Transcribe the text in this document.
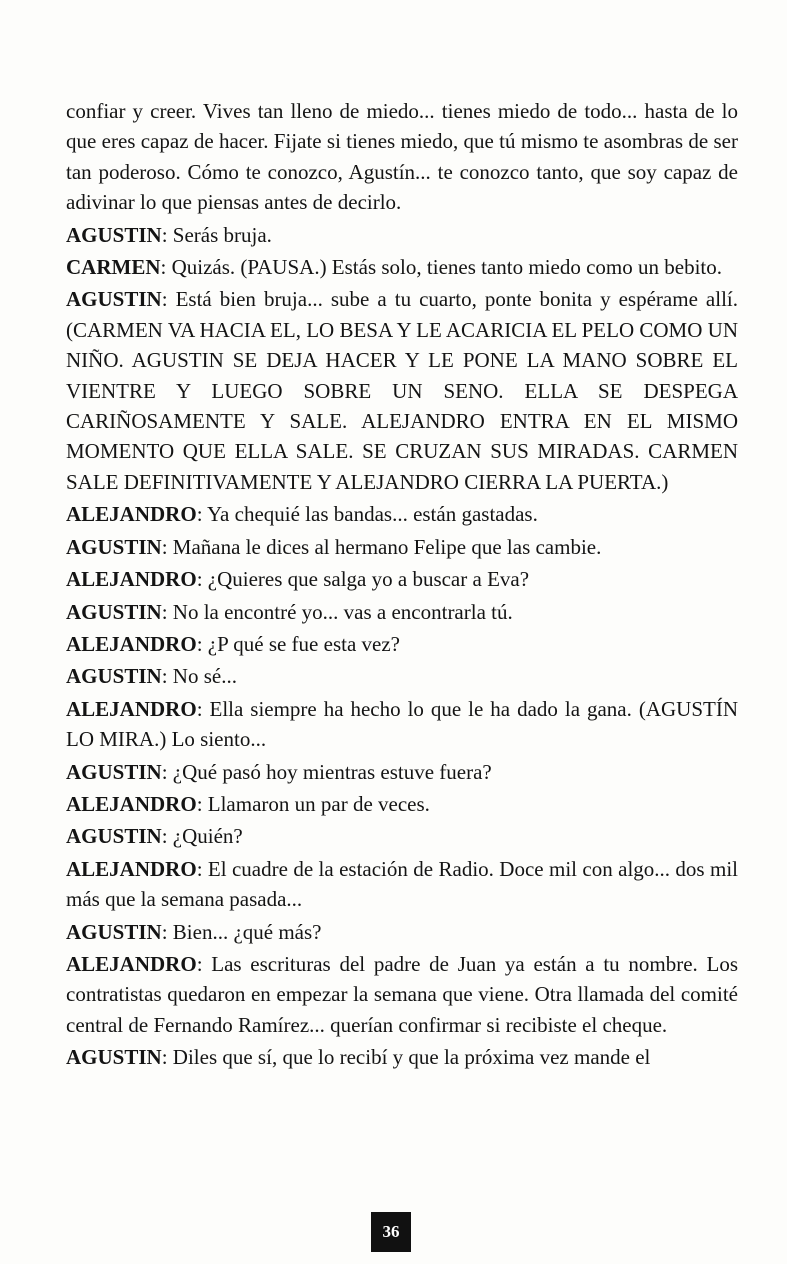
confiar y creer. Vives tan lleno de miedo... tienes miedo de todo... hasta de lo que eres capaz de hacer. Fijate si tienes miedo, que tú mismo te asombras de ser tan poderoso. Cómo te conozco, Agustín... te conozco tanto, que soy capaz de adivinar lo que piensas antes de decirlo.

AGUSTIN: Serás bruja.

CARMEN: Quizás. (PAUSA.) Estás solo, tienes tanto miedo como un bebito.

AGUSTIN: Está bien bruja... sube a tu cuarto, ponte bonita y espérame allí. (CARMEN VA HACIA EL, LO BESA Y LE ACARICIA EL PELO COMO UN NIÑO. AGUSTIN SE DEJA HACER Y LE PONE LA MANO SOBRE EL VIENTRE Y LUEGO SOBRE UN SENO. ELLA SE DESPEGA CARIÑOSAMENTE Y SALE. ALEJANDRO ENTRA EN EL MISMO MOMENTO QUE ELLA SALE. SE CRUZAN SUS MIRADAS. CARMEN SALE DEFINITIVAMENTE Y ALEJANDRO CIERRA LA PUERTA.)

ALEJANDRO: Ya chequié las bandas... están gastadas.

AGUSTIN: Mañana le dices al hermano Felipe que las cambie.

ALEJANDRO: ¿Quieres que salga yo a buscar a Eva?

AGUSTIN: No la encontré yo... vas a encontrarla tú.

ALEJANDRO: ¿P qué se fue esta vez?

AGUSTIN: No sé...

ALEJANDRO: Ella siempre ha hecho lo que le ha dado la gana. (AGUSTÍN LO MIRA.) Lo siento...

AGUSTIN: ¿Qué pasó hoy mientras estuve fuera?

ALEJANDRO: Llamaron un par de veces.

AGUSTIN: ¿Quién?

ALEJANDRO: El cuadre de la estación de Radio. Doce mil con algo... dos mil más que la semana pasada...

AGUSTIN: Bien... ¿qué más?

ALEJANDRO: Las escrituras del padre de Juan ya están a tu nombre. Los contratistas quedaron en empezar la semana que viene. Otra llamada del comité central de Fernando Ramírez... querían confirmar si recibiste el cheque.

AGUSTIN: Diles que sí, que lo recibí y que la próxima vez mande el

36
